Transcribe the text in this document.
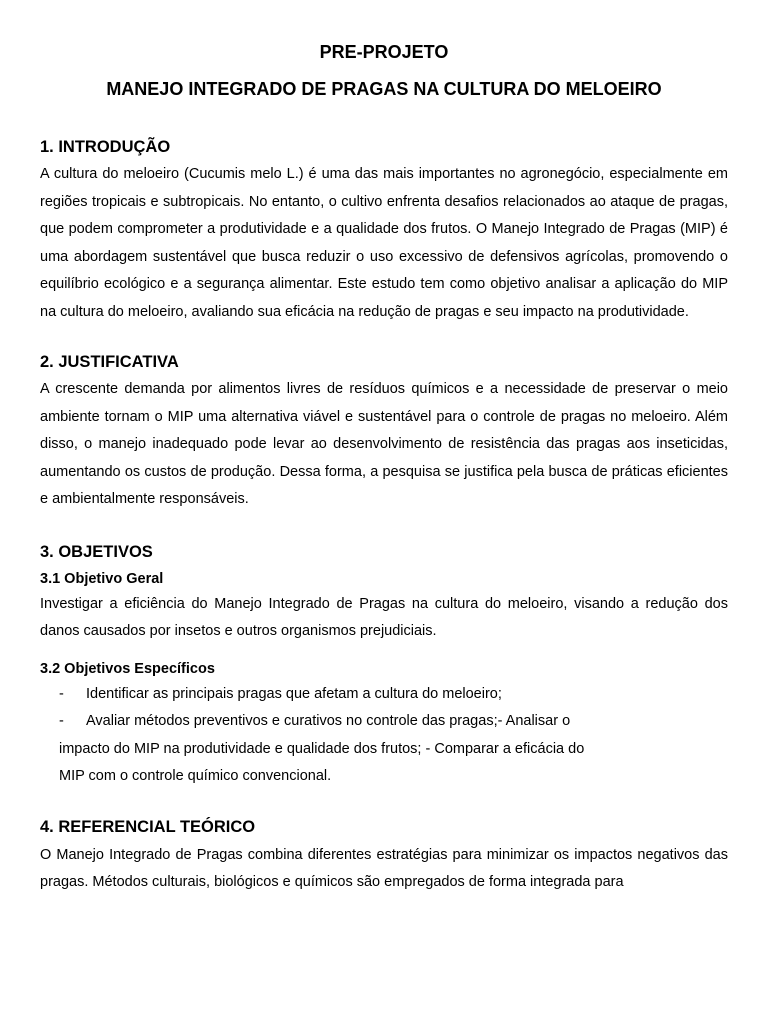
PRE-PROJETO

MANEJO INTEGRADO DE PRAGAS NA CULTURA DO MELOEIRO

1. INTRODUÇÃO

A cultura do meloeiro (Cucumis melo L.) é uma das mais importantes no agronegócio, especialmente em regiões tropicais e subtropicais. No entanto, o cultivo enfrenta desafios relacionados ao ataque de pragas, que podem comprometer a produtividade e a qualidade dos frutos. O Manejo Integrado de Pragas (MIP) é uma abordagem sustentável que busca reduzir o uso excessivo de defensivos agrícolas, promovendo o equilíbrio ecológico e a segurança alimentar. Este estudo tem como objetivo analisar a aplicação do MIP na cultura do meloeiro, avaliando sua eficácia na redução de pragas e seu impacto na produtividade.

2. JUSTIFICATIVA

A crescente demanda por alimentos livres de resíduos químicos e a necessidade de preservar o meio ambiente tornam o MIP uma alternativa viável e sustentável para o controle de pragas no meloeiro. Além disso, o manejo inadequado pode levar ao desenvolvimento de resistência das pragas aos inseticidas, aumentando os custos de produção. Dessa forma, a pesquisa se justifica pela busca de práticas eficientes e ambientalmente responsáveis.

3. OBJETIVOS

3.1 Objetivo Geral

Investigar a eficiência do Manejo Integrado de Pragas na cultura do meloeiro, visando a redução dos danos causados por insetos e outros organismos prejudiciais.

3.2 Objetivos Específicos

- Identificar as principais pragas que afetam a cultura do meloeiro;
- Avaliar métodos preventivos e curativos no controle das pragas;- Analisar o

impacto do MIP na produtividade e qualidade dos frutos; - Comparar a eficácia do

MIP com o controle químico convencional.

4. REFERENCIAL TEÓRICO

O Manejo Integrado de Pragas combina diferentes estratégias para minimizar os impactos negativos das pragas. Métodos culturais, biológicos e químicos são empregados de forma integrada para
